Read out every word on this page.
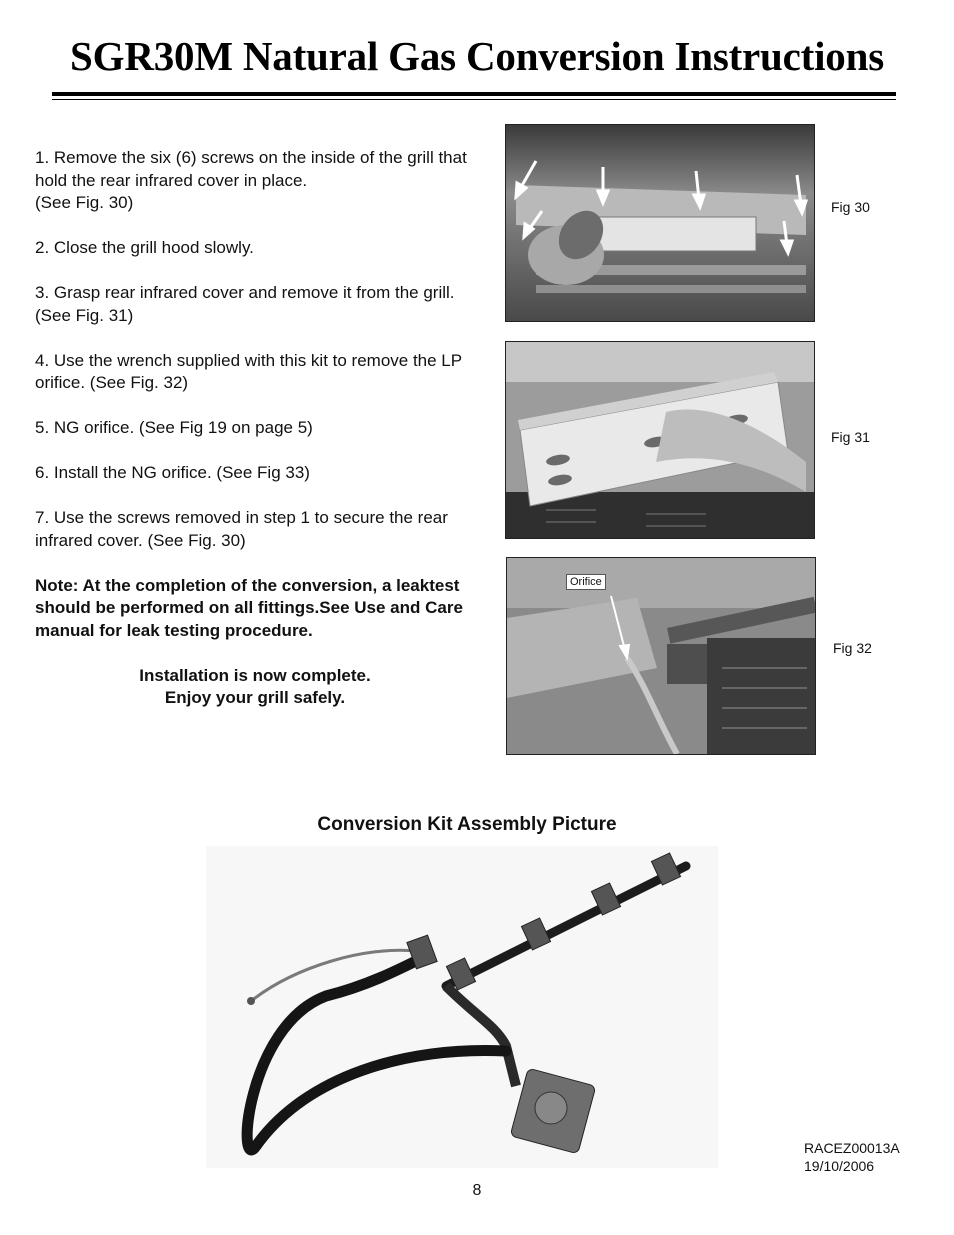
SGR30M Natural Gas Conversion Instructions

1. Remove the six (6) screws on the inside of the grill that hold the rear infrared cover in place.
(See Fig. 30)

2. Close the grill hood slowly.

3. Grasp rear infrared cover and remove it from the grill. (See Fig. 31)

4. Use the wrench supplied with this kit to remove the LP orifice. (See Fig. 32)

5. NG orifice. (See Fig 19 on page 5)

6. Install the NG orifice. (See Fig 33)

7. Use the screws removed in step 1 to secure the rear infrared cover. (See Fig. 30)

Note: At the completion of the conversion, a leaktest should be performed on all fittings.See Use and Care manual for leak testing procedure.

Installation is now complete.
Enjoy your grill safely.

Fig 30
Fig 31
Orifice
Fig 32
Conversion Kit Assembly Picture
RACEZ00013A
19/10/2006
8
